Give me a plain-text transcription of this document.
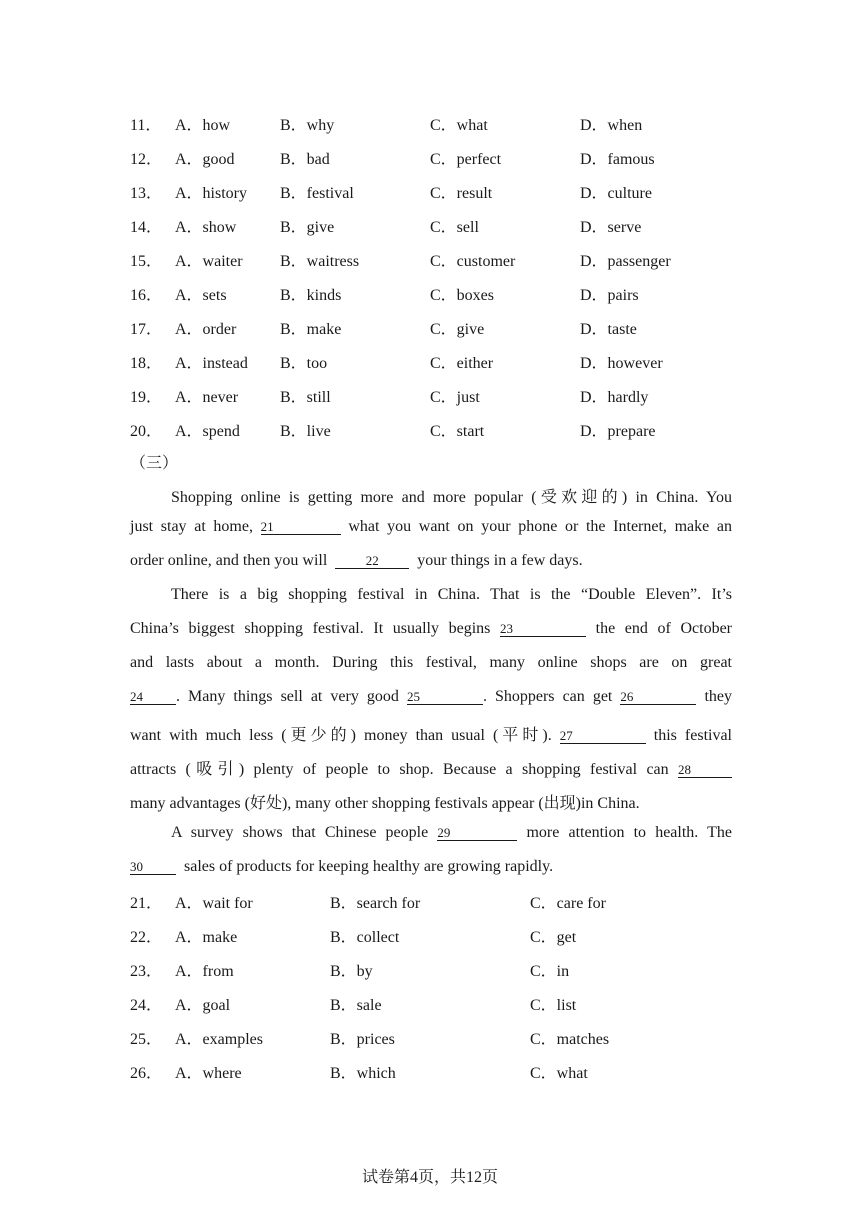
11． A．how	B．why	C．what	D．when
12． A．good	B．bad	C．perfect	D．famous
13． A．history B．festival	C．result	D．culture
14． A．show	B．give	C．sell	D．serve
15． A．waiter B．waitress	C．customer	D．passenger
16． A．sets	B．kinds	C．boxes	D．pairs
17． A．order	B．make	C．give	D．taste
18． A．instead B．too	C．either	D．however
19． A．never	B．still	C．just	D．hardly
20． A．spend	B．live	C．start	D．prepare
（三）
Shopping online is getting more and more popular (受欢迎的) in China. You
just stay at home, 21	what you want on your phone or the Internet, make an
order online, and then you will	22 your things in a few days.
There is a big shopping festival in China. That is the “Double Eleven”. It’s
China’s biggest shopping festival. It usually begins 23	the end of October
and lasts about a month. During this festival, many online shops are on great
24 . Many things sell at very good 25	. Shoppers can get 26	they
want with much less (更少的) money than usual (平时). 27	this festival
attracts (吸引) plenty of people to shop. Because a shopping festival can 28
many advantages (好处), many other shopping festivals appear (出现)in China.
A survey shows that Chinese people 29	more attention to health. The
30	sales of products for keeping healthy are growing rapidly.
21． A．wait for	B．search for	C．care for
22． A．make	B．collect	C．get
23． A．from	B．by	C．in
24． A．goal	B．sale	C．list
25． A．examples	B．prices	C．matches
26． A．where	B．which	C．what
试卷第4页，共12页
